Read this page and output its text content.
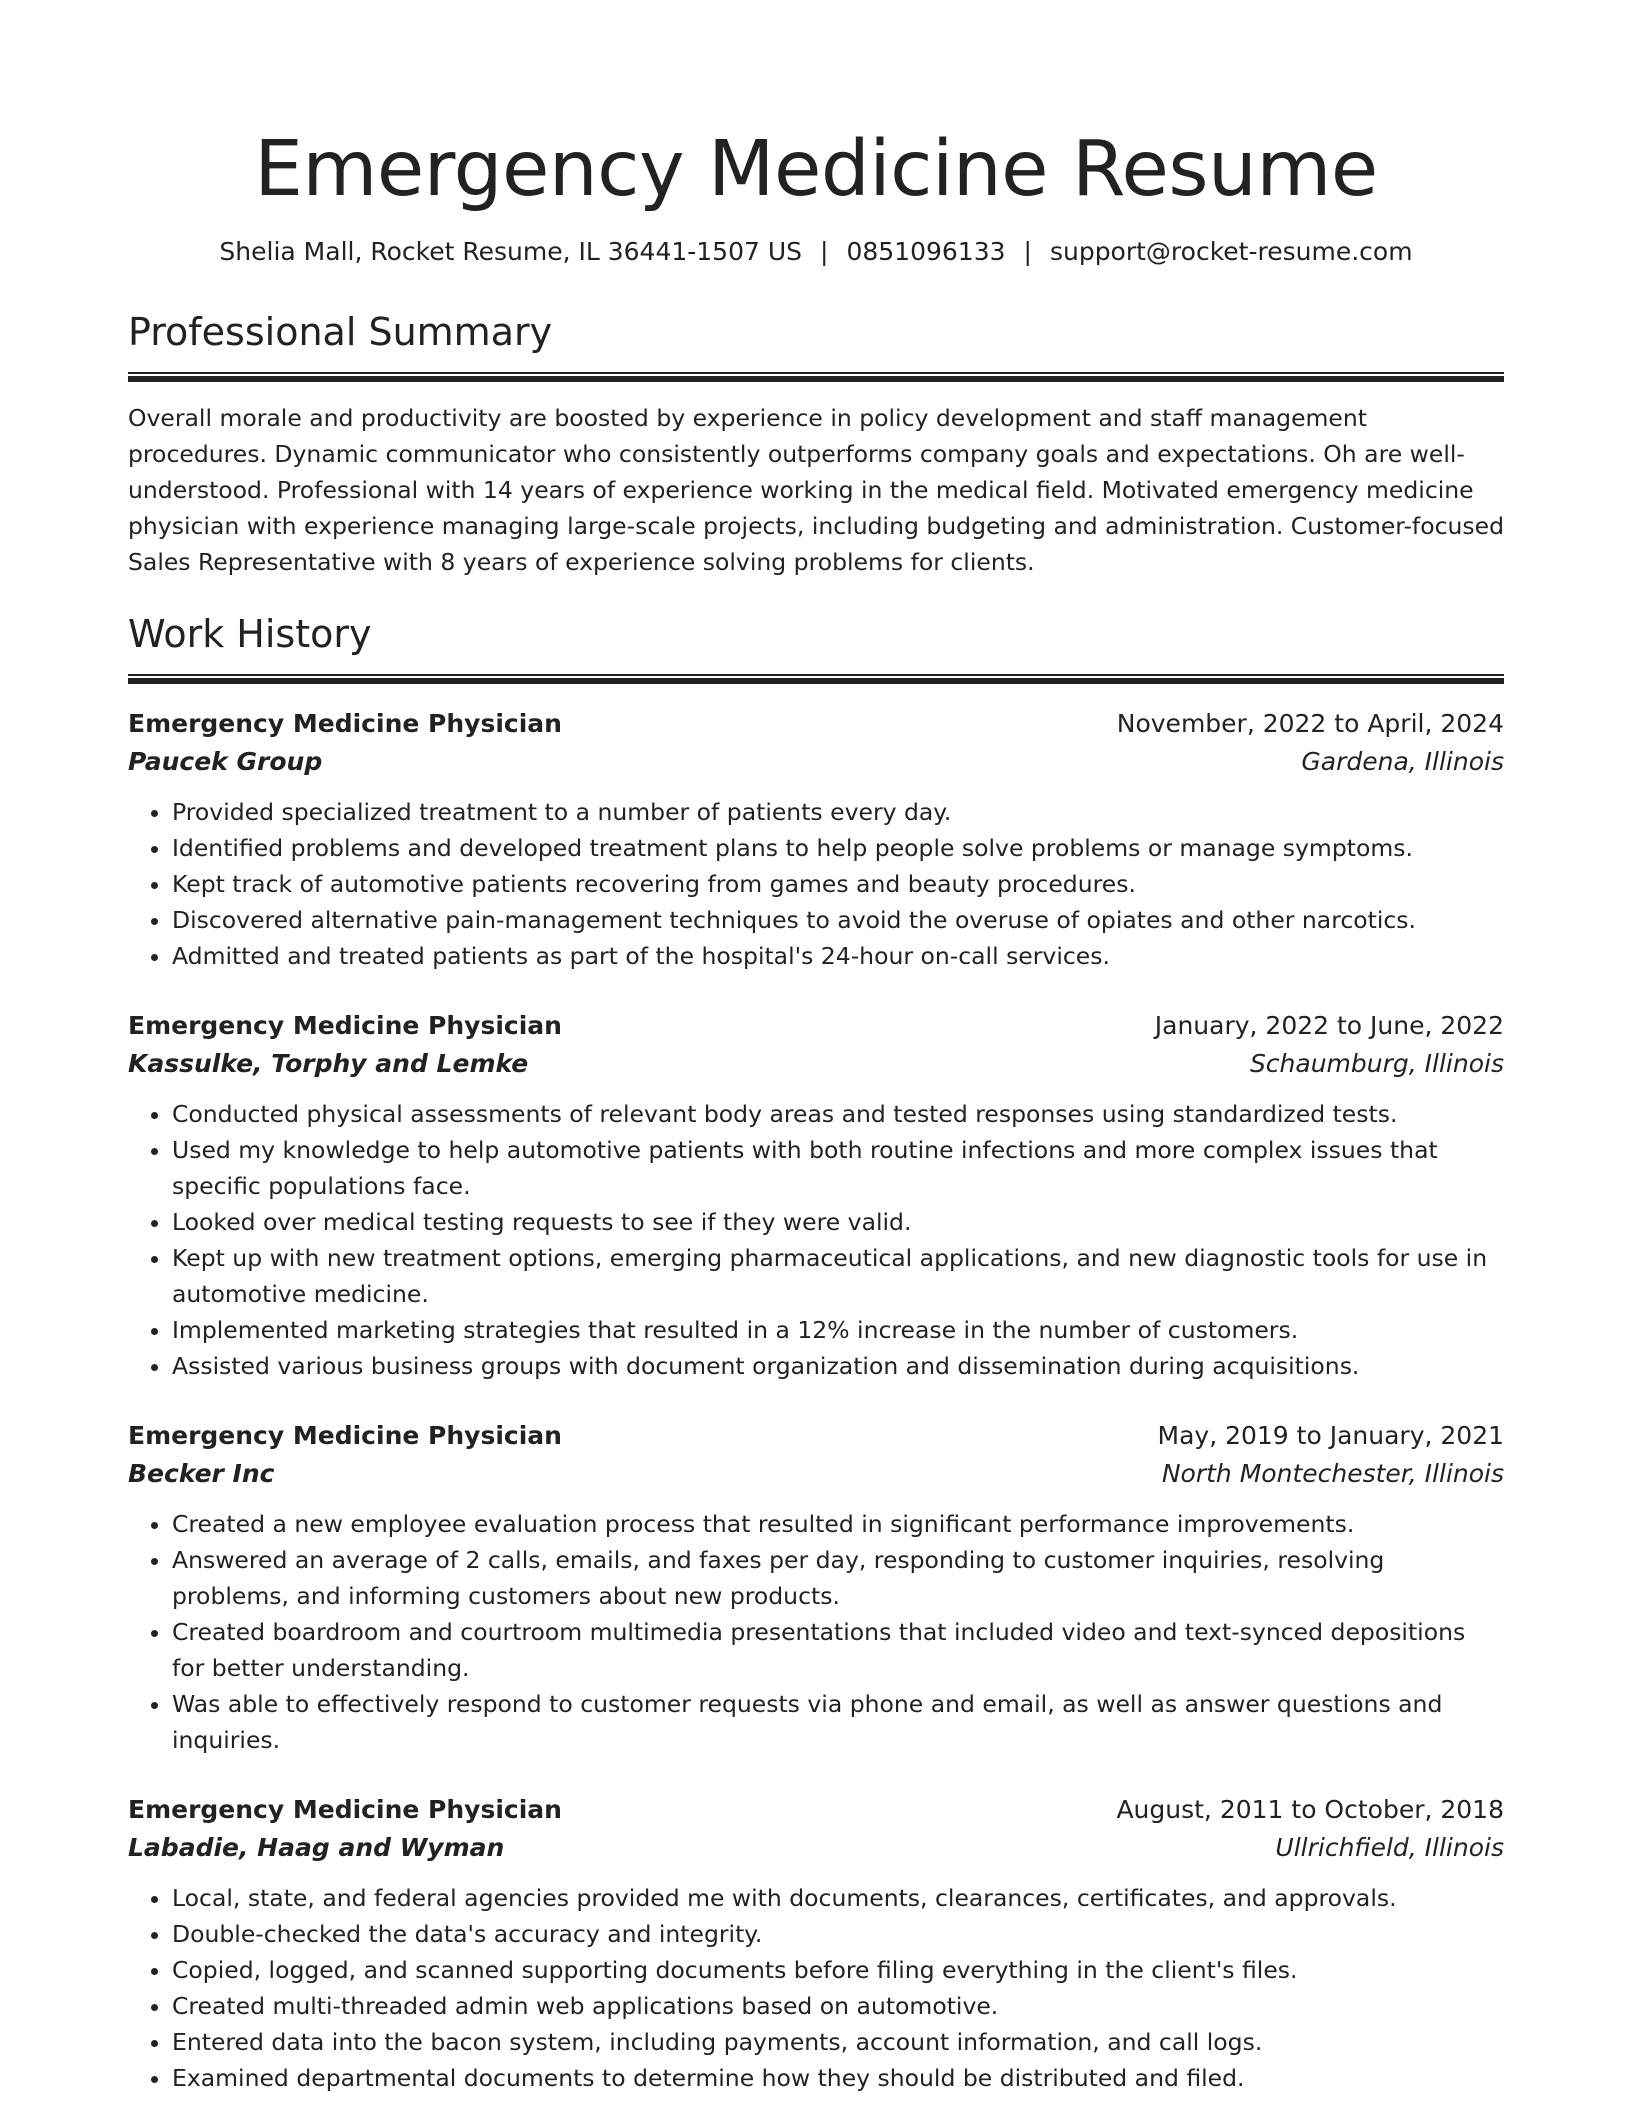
Emergency Medicine Resume
Shelia Mall, Rocket Resume, IL 36441-1507 US | 0851096133 | support@rocket-resume.com
Professional Summary

Overall morale and productivity are boosted by experience in policy development and staff management procedures. Dynamic communicator who consistently outperforms company goals and expectations. Oh are well-understood. Professional with 14 years of experience working in the medical field. Motivated emergency medicine physician with experience managing large-scale projects, including budgeting and administration. Customer-focused Sales Representative with 8 years of experience solving problems for clients.

Work History
Emergency Medicine Physician	November, 2022 to April, 2024
Paucek Group	Gardena, Illinois
• Provided specialized treatment to a number of patients every day.
• Identified problems and developed treatment plans to help people solve problems or manage symptoms.
• Kept track of automotive patients recovering from games and beauty procedures.
• Discovered alternative pain-management techniques to avoid the overuse of opiates and other narcotics.
• Admitted and treated patients as part of the hospital's 24-hour on-call services.
Emergency Medicine Physician	January, 2022 to June, 2022
Kassulke, Torphy and Lemke	Schaumburg, Illinois
• Conducted physical assessments of relevant body areas and tested responses using standardized tests.
• Used my knowledge to help automotive patients with both routine infections and more complex issues that specific populations face.
• Looked over medical testing requests to see if they were valid.
• Kept up with new treatment options, emerging pharmaceutical applications, and new diagnostic tools for use in automotive medicine.
• Implemented marketing strategies that resulted in a 12% increase in the number of customers.
• Assisted various business groups with document organization and dissemination during acquisitions.
Emergency Medicine Physician	May, 2019 to January, 2021
Becker Inc	North Montechester, Illinois
• Created a new employee evaluation process that resulted in significant performance improvements.
• Answered an average of 2 calls, emails, and faxes per day, responding to customer inquiries, resolving problems, and informing customers about new products.
• Created boardroom and courtroom multimedia presentations that included video and text-synced depositions for better understanding.
• Was able to effectively respond to customer requests via phone and email, as well as answer questions and inquiries.
Emergency Medicine Physician	August, 2011 to October, 2018
Labadie, Haag and Wyman	Ullrichfield, Illinois
• Local, state, and federal agencies provided me with documents, clearances, certificates, and approvals.
• Double-checked the data's accuracy and integrity.
• Copied, logged, and scanned supporting documents before filing everything in the client's files.
• Created multi-threaded admin web applications based on automotive.
• Entered data into the bacon system, including payments, account information, and call logs.
• Examined departmental documents to determine how they should be distributed and filed.
